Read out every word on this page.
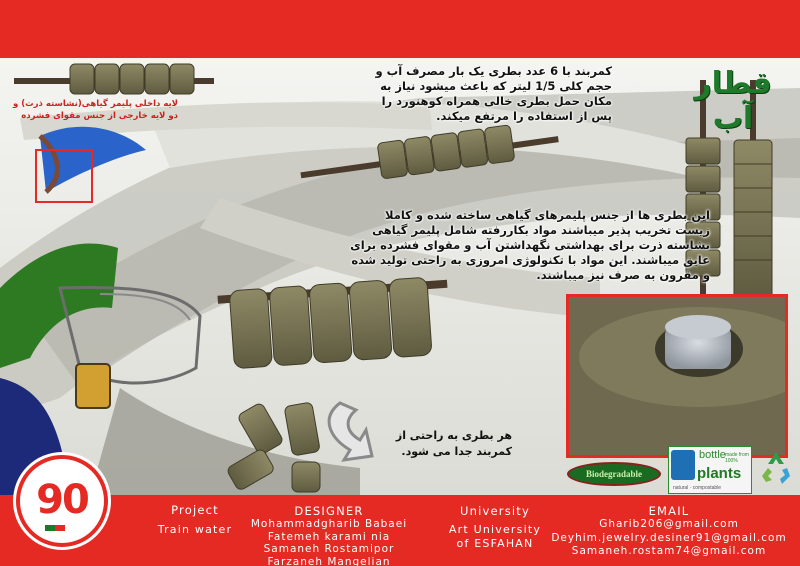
قطار آب
کمربند با 6 عدد بطری یک بار مصرف آب و حجم کلی 1/5 لیتر که باعث میشود نیاز به مکان حمل بطری خالی همراه کوهنورد را پس از استفاده را مرتفع میکند.
این بطری ها از جنس پلیمرهای گیاهی ساخته شده و کاملا زیست تخریب پذیر میباشند مواد بکاررفته شامل پلیمر گیاهی نشاسته ذرت برای بهداشتی نگهداشتن آب و مقوای فشرده برای عایق میباشند. این مواد با تکنولوژی امروزی به راحتی تولید شده و مقرون به صرف نیز میباشند.
لایه داخلی پلیمر گیاهی(نشاسته ذرت) و دو لایه خارجی از جنس مقوای فشرده
هر بطری به راحتی از کمربند جدا می شود.
Biodegradable
bottle made from 100%
plants
natural · compostable
90	Project
Train water
DESIGNER
Mohammadgharib Babaei
Fatemeh karami nia
Samaneh Rostamipor
Farzaneh Mangelian
University
Art University
of ESFAHAN
EMAIL
Gharib206@gmail.com
Deyhim.jewelry.desiner91@gmail.com
Samaneh.rostam74@gmail.com
